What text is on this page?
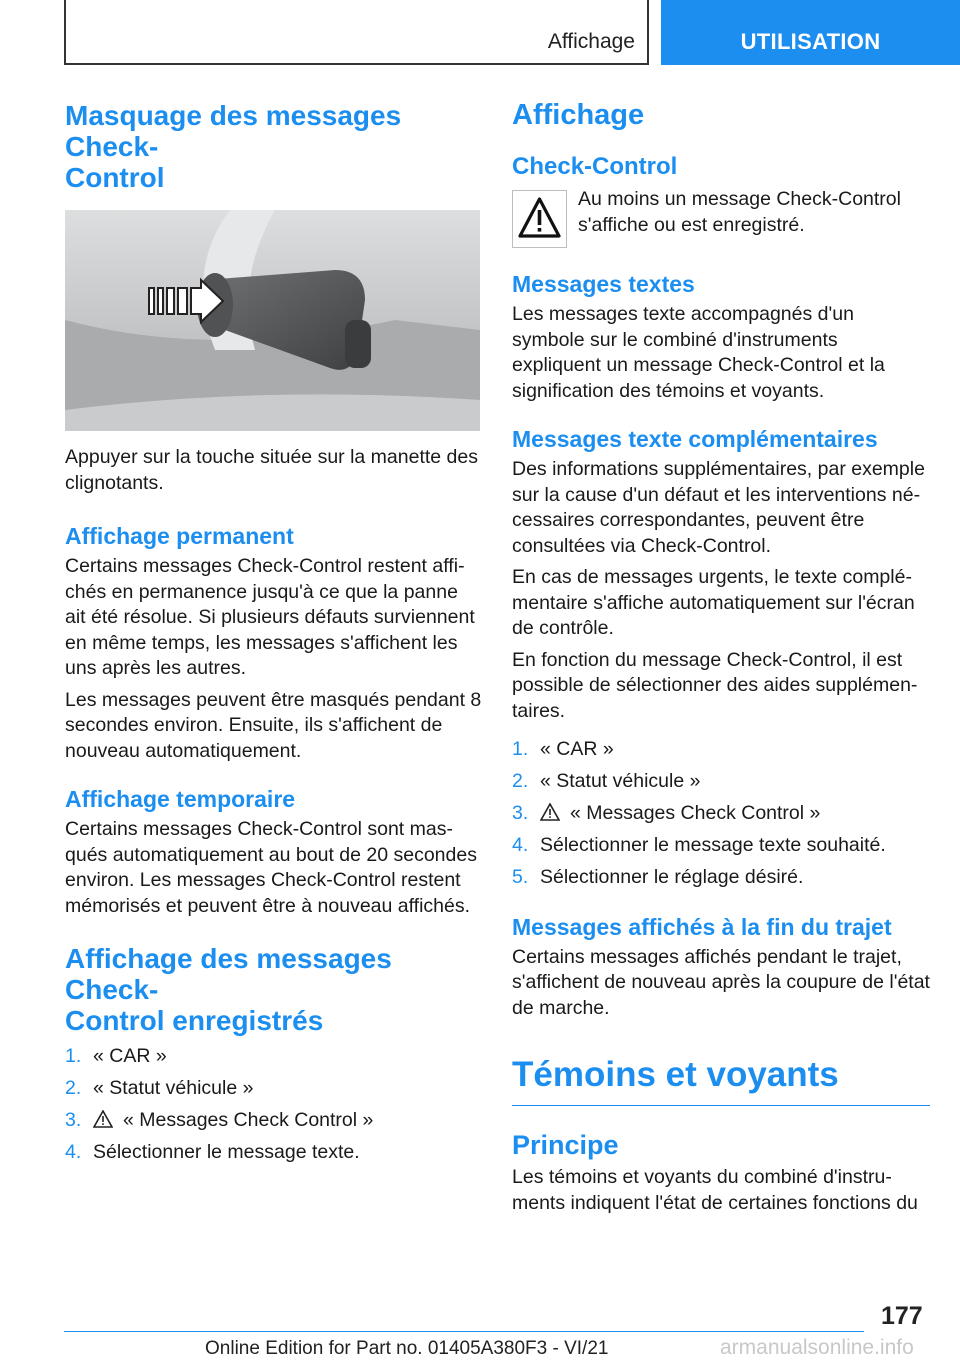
Affichage	UTILISATION
Masquage des messages Check-
Control

Appuyer sur la touche située sur la manette des clignotants.

Affichage permanent

Certains messages Check-Control restent affichés en permanence jusqu'à ce que la panne ait été résolue. Si plusieurs défauts surviennent en même temps, les messages s'affichent les uns après les autres.

Les messages peuvent être masqués pendant 8 secondes environ. Ensuite, ils s'affichent de nouveau automatiquement.

Affichage temporaire

Certains messages Check-Control sont masqués automatiquement au bout de 20 secondes environ. Les messages Check-Control restent mémorisés et peuvent être à nouveau affichés.

Affichage des messages Check-
Control enregistrés
1. « CAR »
2. « Statut véhicule »
3.	« Messages Check Control »
4. Sélectionner le message texte.
Affichage
Check-Control

Au moins un message Check-Control s'affiche ou est enregistré.

Messages textes

Les messages texte accompagnés d'un symbole sur le combiné d'instruments expliquent un message Check-Control et la signification des témoins et voyants.

Messages texte complémentaires

Des informations supplémentaires, par exemple sur la cause d'un défaut et les interventions nécessaires correspondantes, peuvent être consultées via Check-Control.

En cas de messages urgents, le texte complémentaire s'affiche automatiquement sur l'écran de contrôle.

En fonction du message Check-Control, il est possible de sélectionner des aides supplémentaires.

1. « CAR »
2. « Statut véhicule »
3.	« Messages Check Control »
4. Sélectionner le message texte souhaité.
5. Sélectionner le réglage désiré.
Messages affichés à la fin du trajet

Certains messages affichés pendant le trajet, s'affichent de nouveau après la coupure de l'état de marche.

Témoins et voyants
Principe

Les témoins et voyants du combiné d'instruments indiquent l'état de certaines fonctions du

177
Online Edition for Part no. 01405A380F3 - VI/21	armanualsonline.info
